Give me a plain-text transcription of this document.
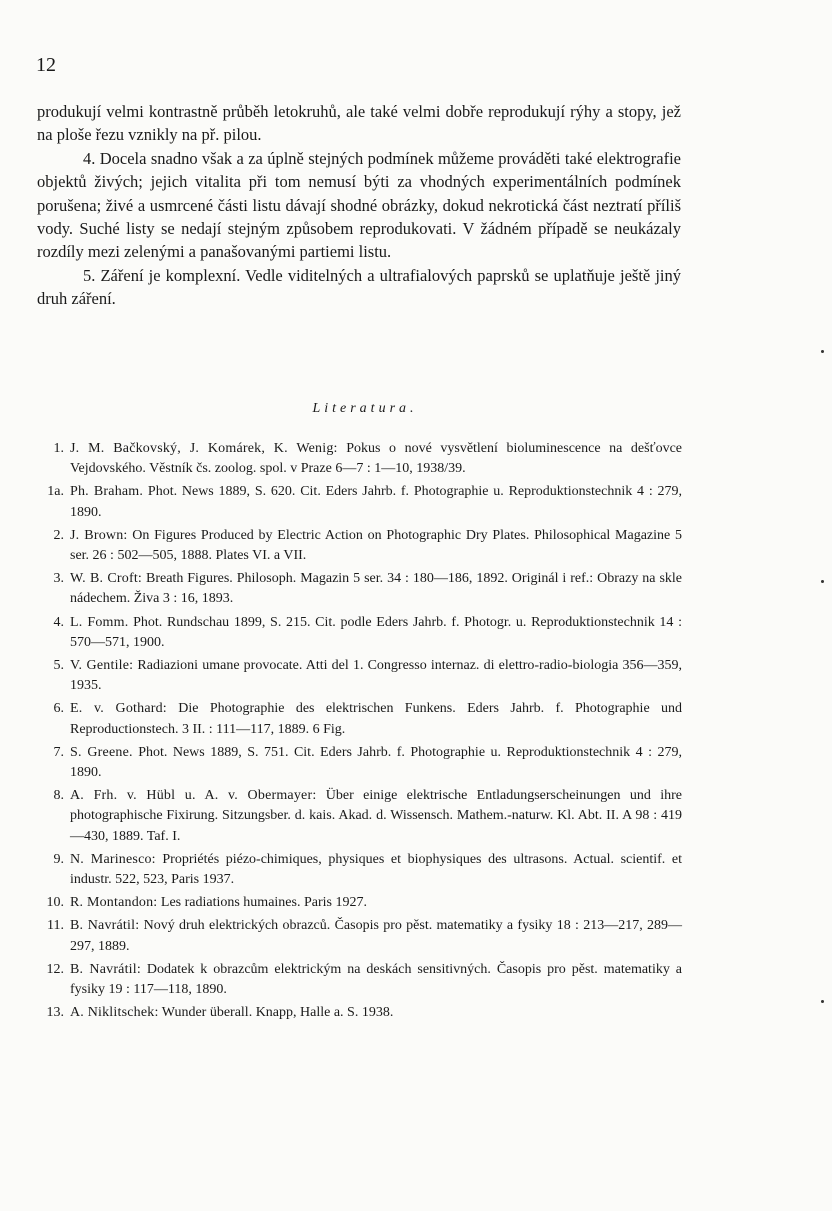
12

produkují velmi kontrastně průběh letokruhů, ale také velmi dobře reprodukují rýhy a stopy, jež na ploše řezu vznikly na př. pilou.

4. Docela snadno však a za úplně stejných podmínek můžeme prováděti také elektrografie objektů živých; jejich vitalita při tom nemusí býti za vhodných experimentálních podmínek porušena; živé a usmrcené části listu dávají shodné obrázky, dokud nekrotická část neztratí příliš vody. Suché listy se nedají stejným způsobem reprodukovati. V žádném případě se neukázaly rozdíly mezi zelenými a panašovanými partiemi listu.

5. Záření je komplexní. Vedle viditelných a ultrafialových paprsků se uplatňuje ještě jiný druh záření.

Literatura.
1. J. M. Bačkovský, J. Komárek, K. Wenig: Pokus o nové vysvětlení bioluminescence na dešťovce Vejdovského. Věstník čs. zoolog. spol. v Praze 6—7 : 1—10, 1938/39.
1a. Ph. Braham. Phot. News 1889, S. 620. Cit. Eders Jahrb. f. Photographie u. Reproduktionstechnik 4 : 279, 1890.
2. J. Brown: On Figures Produced by Electric Action on Photographic Dry Plates. Philosophical Magazine 5 ser. 26 : 502—505, 1888. Plates VI. a VII.
3. W. B. Croft: Breath Figures. Philosoph. Magazin 5 ser. 34 : 180—186, 1892. Originál i ref.: Obrazy na skle nádechem. Živa 3 : 16, 1893.
4. L. Fomm. Phot. Rundschau 1899, S. 215. Cit. podle Eders Jahrb. f. Photogr. u. Reproduktionstechnik 14 : 570—571, 1900.
5. V. Gentile: Radiazioni umane provocate. Atti del 1. Congresso internaz. di elettro-radio-biologia 356—359, 1935.
6. E. v. Gothard: Die Photographie des elektrischen Funkens. Eders Jahrb. f. Photographie und Reproductionstech. 3 II. : 111—117, 1889. 6 Fig.
7. S. Greene. Phot. News 1889, S. 751. Cit. Eders Jahrb. f. Photographie u. Reproduktionstechnik 4 : 279, 1890.
8. A. Frh. v. Hübl u. A. v. Obermayer: Über einige elektrische Entladungserscheinungen und ihre photographische Fixirung. Sitzungsber. d. kais. Akad. d. Wissensch. Mathem.-naturw. Kl. Abt. II. A 98 : 419—430, 1889. Taf. I.
9. N. Marinesco: Propriétés piézo-chimiques, physiques et biophysiques des ultrasons. Actual. scientif. et industr. 522, 523, Paris 1937.
10. R. Montandon: Les radiations humaines. Paris 1927.
11. B. Navrátil: Nový druh elektrických obrazců. Časopis pro pěst. matematiky a fysiky 18 : 213—217, 289—297, 1889.
12. B. Navrátil: Dodatek k obrazcům elektrickým na deskách sensitivných. Časopis pro pěst. matematiky a fysiky 19 : 117—118, 1890.
13. A. Niklitschek: Wunder überall. Knapp, Halle a. S. 1938.
